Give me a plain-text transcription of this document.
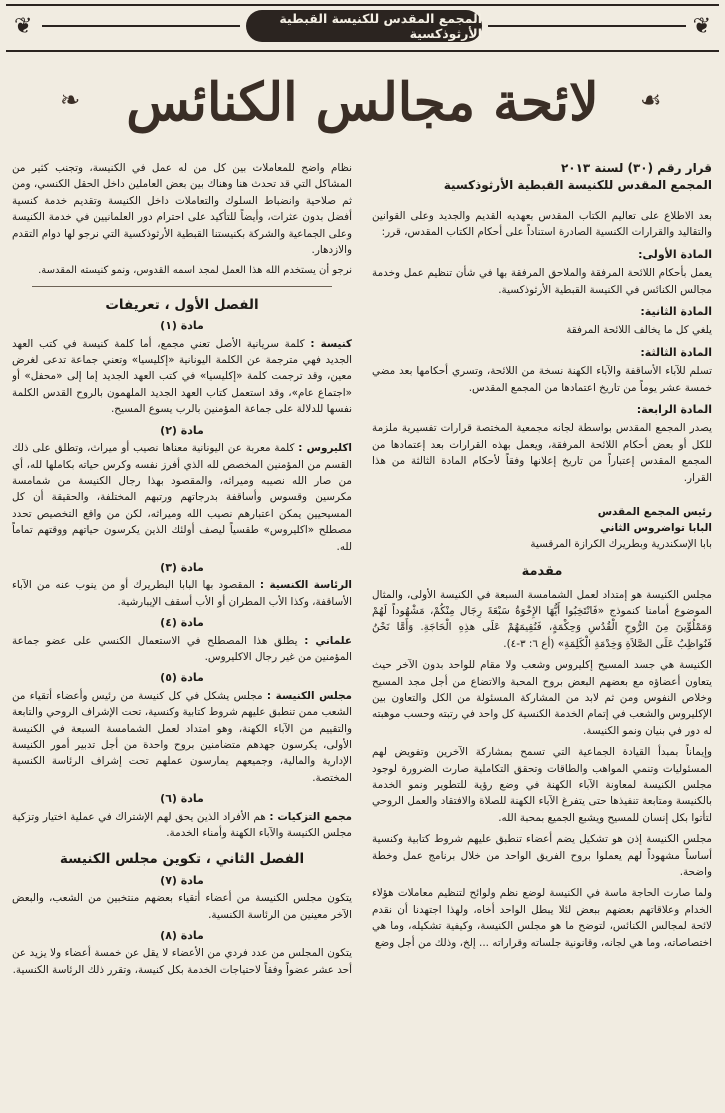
❦	المجمع المقدس للكنيسة القبطية الأرثوذكسية	❦
❧ لائحة مجالس الكنائس	☙
قرار رقم (٣٠) لسنة ٢٠١٣
المجمع المقدس للكنيسة القبطية الأرثوذكسية

بعد الاطلاع على تعاليم الكتاب المقدس بعهديه القديم والجديد وعلى القوانين والتقاليد والقرارات الكنسية الصادرة استناداً على أحكام الكتاب المقدس، قرر:

المادة الأولى:

يعمل بأحكام اللائحة المرفقة والملاحق المرفقة بها في شأن تنظيم عمل وخدمة مجالس الكنائس في الكنيسة القبطية الأرثوذكسية.

المادة الثانية:

يلغي كل ما يخالف اللائحة المرفقة

المادة الثالثة:

تسلم للآباء الأساقفة والآباء الكهنة نسخة من اللائحة، وتسري أحكامها بعد مضي خمسة عشر يوماً من تاريخ اعتمادها من المجمع المقدس.

المادة الرابعة:

يصدر المجمع المقدس بواسطة لجانه مجمعية المختصة قرارات تفسيرية ملزمة للكل أو بعض أحكام اللائحة المرفقة، ويعمل بهذه القرارات بعد إعتمادها من المجمع المقدس إعتباراً من تاريخ إعلانها وفقاً لأحكام المادة الثالثة من هذا القرار.

رئيس المجمع المقدس
البابا تواضروس الثاني
بابا الإسكندرية وبطريرك الكرازة المرقسية
مقدمة

مجلس الكنيسة هو إمتداد لعمل الشمامسة السبعة في الكنيسة الأولى، والمثال الموضوع أمامنا كنموذج «فَانْتَخِبُوا أَيُّهَا الإِخْوَةُ سَبْعَةَ رِجَال مِنْكُمْ، مَشْهُوداً لَهُمْ وَمَمْلُوِّينَ مِنَ الرُّوحِ الْقُدُسِ وَحِكْمَةٍ، فَنُقِيمَهُمْ عَلَى هذِهِ الْحَاجَةِ. وَأَمَّا نَحْنُ فَنُواظِبُ عَلَى الصَّلاَةِ وَخِدْمَةِ الْكَلِمَةِ» (أع ٦: ٣-٤).

الكنيسة هي جسد المسيح إكليروس وشعب ولا مقام للواحد بدون الآخر حيث يتعاون أعضاؤه مع بعضهم البعض بروح المحبة والاتضاع من أجل مجد المسيح وخلاص النفوس ومن ثم لابد من المشاركة المسئولة من الكل والتعاون بين الإكليروس والشعب في إتمام الخدمة الكنسية كل واحد في رتبته وحسب موهبته له دور في بنيان ونمو الكنيسة.

وإيماناً بمبدأ القيادة الجماعية التي تسمح بمشاركة الآخرين وتفويض لهم المسئوليات وتنمي المواهب والطاقات وتحقق التكاملية صارت الضرورة لوجود مجلس الكنيسة لمعاونة الآباء الكهنة في وضع رؤية للتطوير ونمو الخدمة بالكنيسة ومتابعة تنفيذها حتى يتفرغ الآباء الكهنة للصلاة والافتقاد والعمل الروحي لتأتوا بكل إنسان للمسيح ويشبع الجميع بمحبة الله.

مجلس الكنيسة إذن هو تشكيل يضم أعضاء تنطبق عليهم شروط كتابية وكنسية أساساً مشهوداً لهم يعملوا بروح الفريق الواحد من خلال برنامج عمل وخطة واضحة.

ولما صارت الحاجة ماسة في الكنيسة لوضع نظم ولوائح لتنظيم معاملات هؤلاء الخدام وعلاقاتهم بعضهم ببعض لئلا يبطل الواحد أخاه، ولهذا اجتهدنا أن نقدم لائحة لمجالس الكنائس، لتوضح ما هو مجلس الكنيسة، وكيفية تشكيله، وما هي اختصاصاته، وما هي لجانه، وقانونية جلساته وقراراته ... إلخ، وذلك من أجل وضع

نظام واضح للمعاملات بين كل من له عمل في الكنيسة، وتجنب كثير من المشاكل التي قد تحدث هنا وهناك بين بعض العاملين داخل الحقل الكنسي، ومن ثم صلاحية وانضباط السلوك والتعاملات داخل الكنيسة وتقديم خدمة كنسية أفضل بدون عثرات، وأيضاً للتأكيد على احترام دور العلمانيين في خدمة الكنيسة وعلى الجماعية والشركة بكنيستنا القبطية الأرثوذكسية التي نرجو لها دوام التقدم والازدهار.

نرجو أن يستخدم الله هذا العمل لمجد اسمه القدوس، ونمو كنيسته المقدسة.

الفصل الأول ، تعريفات
مادة (١)

كنيسة : كلمة سريانية الأصل تعني مجمع، أما كلمة كنيسة في كتب العهد الجديد فهي مترجمة عن الكلمة اليونانية «إكليسيا» وتعني جماعة تدعى لغرض معين، وقد ترجمت كلمة «إكليسيا» في كتب العهد الجديد إما إلى «محفل» أو «اجتماع عام»، وقد استعمل كتاب العهد الجديد الملهمون بالروح القدس الكلمة نفسها للدلالة على جماعة المؤمنين بالرب يسوع المسيح.

مادة (٢)

اكليروس : كلمة معربة عن اليونانية معناها نصيب أو ميراث، وتطلق على ذلك القسم من المؤمنين المخصص لله الذي أفرز نفسه وكرس حياته بكاملها لله، أي من صار الله نصيبه وميراثه، والمقصود بهذا رجال الكنيسة من شمامسة مكرسين وقسوس وأساقفة بدرجاتهم ورتبهم المختلفة، والحقيقة أن كل المسيحيين يمكن اعتبارهم نصيب الله وميراثه، لكن من واقع التخصيص تحدد مصطلح «اكليروس» طقسياً ليصف أولئك الذين يكرسون حياتهم ووقتهم تماماً لله.

مادة (٣)

الرئاسة الكنسية : المقصود بها البابا البطريرك أو من ينوب عنه من الآباء الأساقفة، وكذا الأب المطران أو الأب أسقف الإيبارشية.

مادة (٤)

علماني : يطلق هذا المصطلح في الاستعمال الكنسي على عضو جماعة المؤمنين من غير رجال الاكليروس.

مادة (٥)

مجلس الكنيسة : مجلس يشكل في كل كنيسة من رئيس وأعضاء أتقياء من الشعب ممن تنطبق عليهم شروط كتابية وكنسية، تحت الإشراف الروحي والتابعة والتقييم من الآباء الكهنة، وهو امتداد لعمل الشمامسة السبعة في الكنيسة الأولى، يكرسون جهدهم متضامنين بروح واحدة من أجل تدبير أمور الكنيسة الإدارية والمالية، وجميعهم يمارسون عملهم تحت إشراف الرئاسة الكنسية المختصة.

مادة (٦)

مجمع التزكيات : هم الأفراد الذين يحق لهم الإشتراك في عملية اختيار وتزكية مجلس الكنيسة والآباء الكهنة وأمناء الخدمة.

الفصل الثاني ، تكوين مجلس الكنيسة
مادة (٧)

يتكون مجلس الكنيسة من أعضاء أتقياء بعضهم منتخبين من الشعب، والبعض الآخر معينين من الرئاسة الكنسية.

مادة (٨)

يتكون المجلس من عدد فردي من الأعضاء لا يقل عن خمسة أعضاء ولا يزيد عن أحد عشر عضواً وفقاً لاحتياجات الخدمة بكل كنيسة، وتقرر ذلك الرئاسة الكنسية.
